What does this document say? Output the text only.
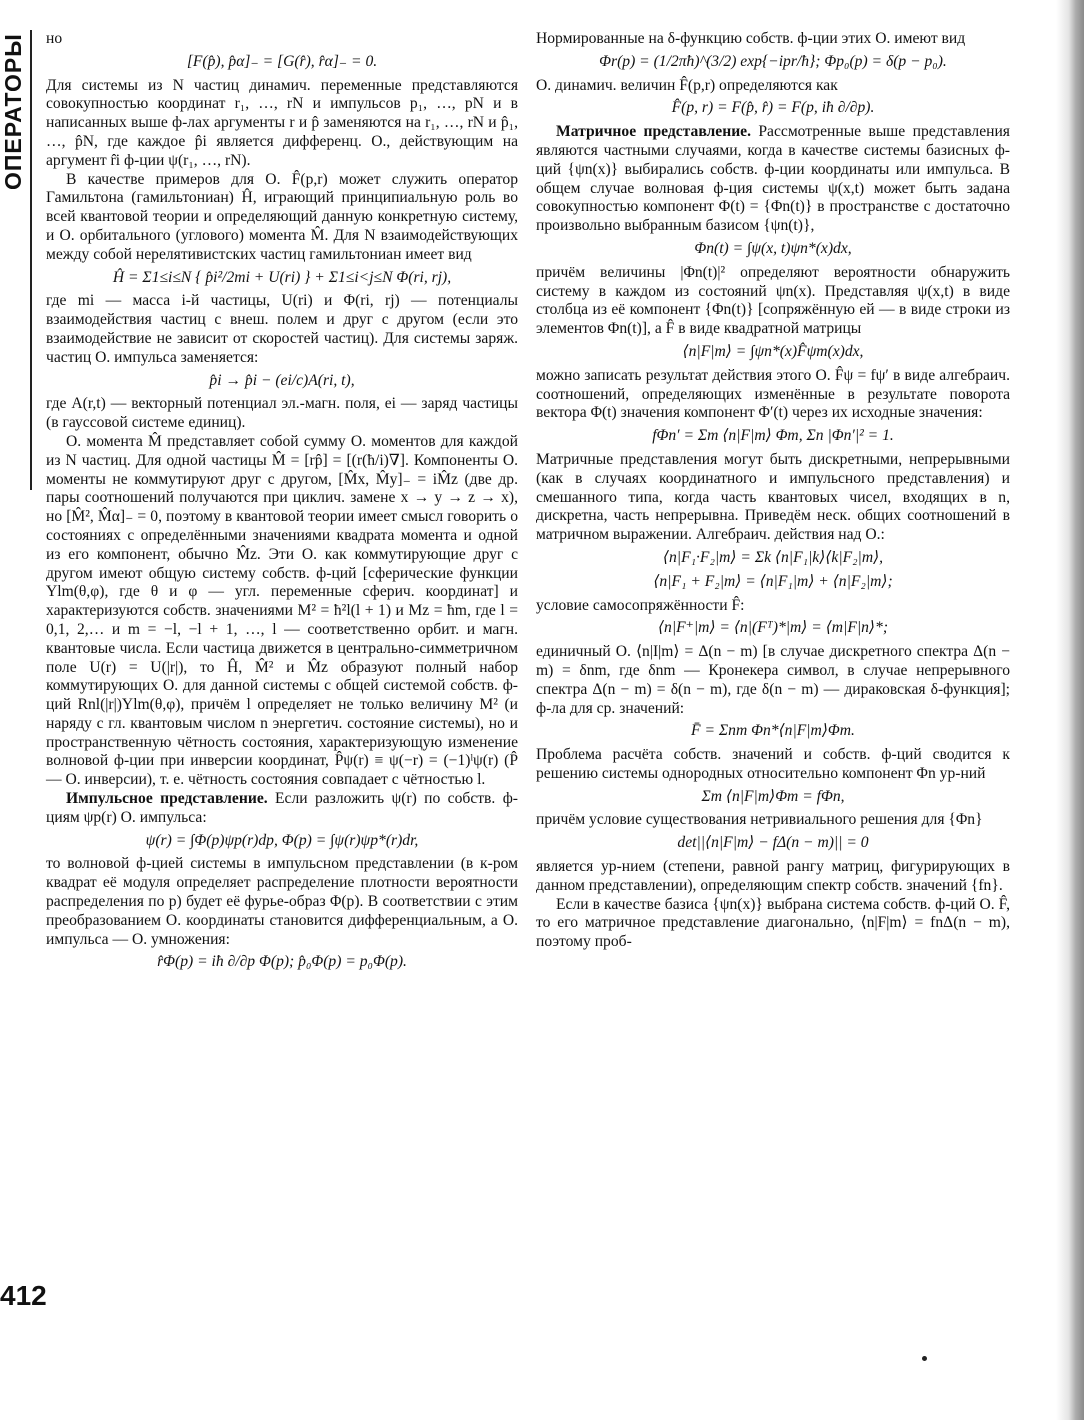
ОПЕРАТОРЫ
412

но

[F(p̂), p̂α]₋ = [G(r̂), r̂α]₋ = 0.

Для системы из N частиц динамич. переменные представляются совокупностью координат r₁, …, rN и импульсов p₁, …, pN и в написанных выше ф-лах аргументы r и p̂ заменяются на r₁, …, rN и p̂₁, …, p̂N, где каждое p̂i является дифференц. О., действующим на аргумент r̂i ф-ции ψ(r₁, …, rN).

В качестве примеров для О. F̂(p,r) может служить оператор Гамильтона (гамильтониан) Ĥ, играющий принципиальную роль во всей квантовой теории и определяющий данную конкретную систему, и О. орбитального (углового) момента M̂. Для N взаимодействующих между собой нерелятивистских частиц гамильтониан имеет вид

Ĥ = Σ1≤i≤N { p̂i²/2mi + U(ri) } + Σ1≤i<j≤N Φ(ri, rj),

где mi — масса i-й частицы, U(ri) и Φ(ri, rj) — потенциалы взаимодействия частиц с внеш. полем и друг с другом (если это взаимодействие не зависит от скоростей частиц). Для системы заряж. частиц О. импульса заменяется:

p̂i → p̂i − (ei/c)A(ri, t),

где A(r,t) — векторный потенциал эл.-магн. поля, ei — заряд частицы (в гауссовой системе единиц).

О. момента M̂ представляет собой сумму О. моментов для каждой из N частиц. Для одной частицы M̂ = [rp̂] = [(r(ħ/i)∇]. Компоненты О. моменты не коммутируют друг с другом, [M̂x, M̂y]₋ = iM̂z (две др. пары соотношений получаются при циклич. замене x → y → z → x), но [M̂², M̂α]₋ = 0, поэтому в квантовой теории имеет смысл говорить о состояниях с определёнными значениями квадрата момента и одной из его компонент, обычно M̂z. Эти О. как коммутирующие друг с другом имеют общую систему собств. ф-ций [сферические функции Ylm(θ,φ), где θ и φ — угл. переменные сферич. координат] и характеризуются собств. значениями M² = ħ²l(l + 1) и Mz = ħm, где l = 0,1, 2,… и m = −l, −l + 1, …, l — соответственно орбит. и магн. квантовые числа. Если частица движется в центрально-симметричном поле U(r) = U(|r|), то Ĥ, M̂² и M̂z образуют полный набор коммутирующих О. для данной системы с общей системой собств. ф-ций Rnl(|r|)Ylm(θ,φ), причём l определяет не только величину M² (и наряду с гл. квантовым числом n энергетич. состояние системы), но и пространственную чётность состояния, характеризующую изменение волновой ф-ции при инверсии координат, P̂ψ(r) ≡ ψ(−r) = (−1)ˡψ(r) (P̂ — О. инверсии), т. е. чётность состояния совпадает с чётностью l.

Импульсное представление. Если разложить ψ(r) по собств. ф-циям ψp(r) О. импульса:

ψ(r) = ∫Φ(p)ψp(r)dp, Φ(p) = ∫ψ(r)ψp*(r)dr,

то волновой ф-цией системы в импульсном представлении (в к-ром квадрат её модуля определяет распределение плотности вероятности распределения по p) будет её фурье-образ Φ(p). В соответствии с этим преобразованием О. координаты становится дифференциальным, а О. импульса — О. умножения:

r̂Φ(p) = iħ ∂/∂p Φ(p); p̂₀Φ(p) = p₀Φ(p).

Нормированные на δ-функцию собств. ф-ции этих О. имеют вид

Φr(p) = (1/2πħ)^(3/2) exp{−ipr/ħ}; Φp₀(p) = δ(p − p₀).

О. динамич. величин F̂(p,r) определяются как

F̂(p, r) = F(p̂, r̂) = F(p, iħ ∂/∂p).

Матричное представление. Рассмотренные выше представления являются частными случаями, когда в качестве системы базисных ф-ций {ψn(x)} выбирались собств. ф-ции координаты или импульса. В общем случае волновая ф-ция системы ψ(x,t) может быть задана совокупностью компонент Φ(t) = {Φn(t)} в пространстве с достаточно произвольно выбранным базисом {ψn(t)},

Φn(t) = ∫ψ(x, t)ψn*(x)dx,

причём величины |Φn(t)|² определяют вероятности обнаружить систему в каждом из состояний ψn(x). Представляя ψ(x,t) в виде столбца из её компонент {Φn(t)} [сопряжённую ей — в виде строки из элементов Φn(t)], а F̂ в виде квадратной матрицы

⟨n|F|m⟩ = ∫ψn*(x)F̂ψm(x)dx,

можно записать результат действия этого О. F̂ψ = fψ′ в виде алгебраич. соотношений, определяющих изменённые в результате поворота вектора Φ(t) значения компонент Φ′(t) через их исходные значения:

fΦn′ = Σm ⟨n|F|m⟩ Φm, Σn |Φn′|² = 1.

Матричные представления могут быть дискретными, непрерывными (как в случаях координатного и импульсного представления) и смешанного типа, когда часть квантовых чисел, входящих в n, дискретна, часть непрерывна. Приведём неск. общих соотношений в матричном выражении. Алгебраич. действия над О.:

⟨n|F₁·F₂|m⟩ = Σk ⟨n|F₁|k⟩⟨k|F₂|m⟩,

⟨n|F₁ + F₂|m⟩ = ⟨n|F₁|m⟩ + ⟨n|F₂|m⟩;

условие самосопряжённости F̂:

⟨n|F⁺|m⟩ = ⟨n|(Fᵀ)*|m⟩ = ⟨m|F|n⟩*;

единичный О. ⟨n|I|m⟩ = Δ(n − m) [в случае дискретного спектра Δ(n − m) = δnm, где δnm — Кронекера символ, в случае непрерывного спектра Δ(n − m) = δ(n − m), где δ(n − m) — дираковская δ-функция]; ф-ла для ср. значений:

F̄ = Σnm Φn*⟨n|F|m⟩Φm.

Проблема расчёта собств. значений и собств. ф-ций сводится к решению системы однородных относительно компонент Φn ур-ний

Σm ⟨n|F|m⟩Φm = fΦn,

причём условие существования нетривиального решения для {Φn}

det||⟨n|F|m⟩ − fΔ(n − m)|| = 0

является ур-нием (степени, равной рангу матриц, фигурирующих в данном представлении), определяющим спектр собств. значений {fn}.

Если в качестве базиса {ψn(x)} выбрана система собств. ф-ций О. F̂, то его матричное представление диагонально, ⟨n|F|m⟩ = fnΔ(n − m), поэтому проб-
